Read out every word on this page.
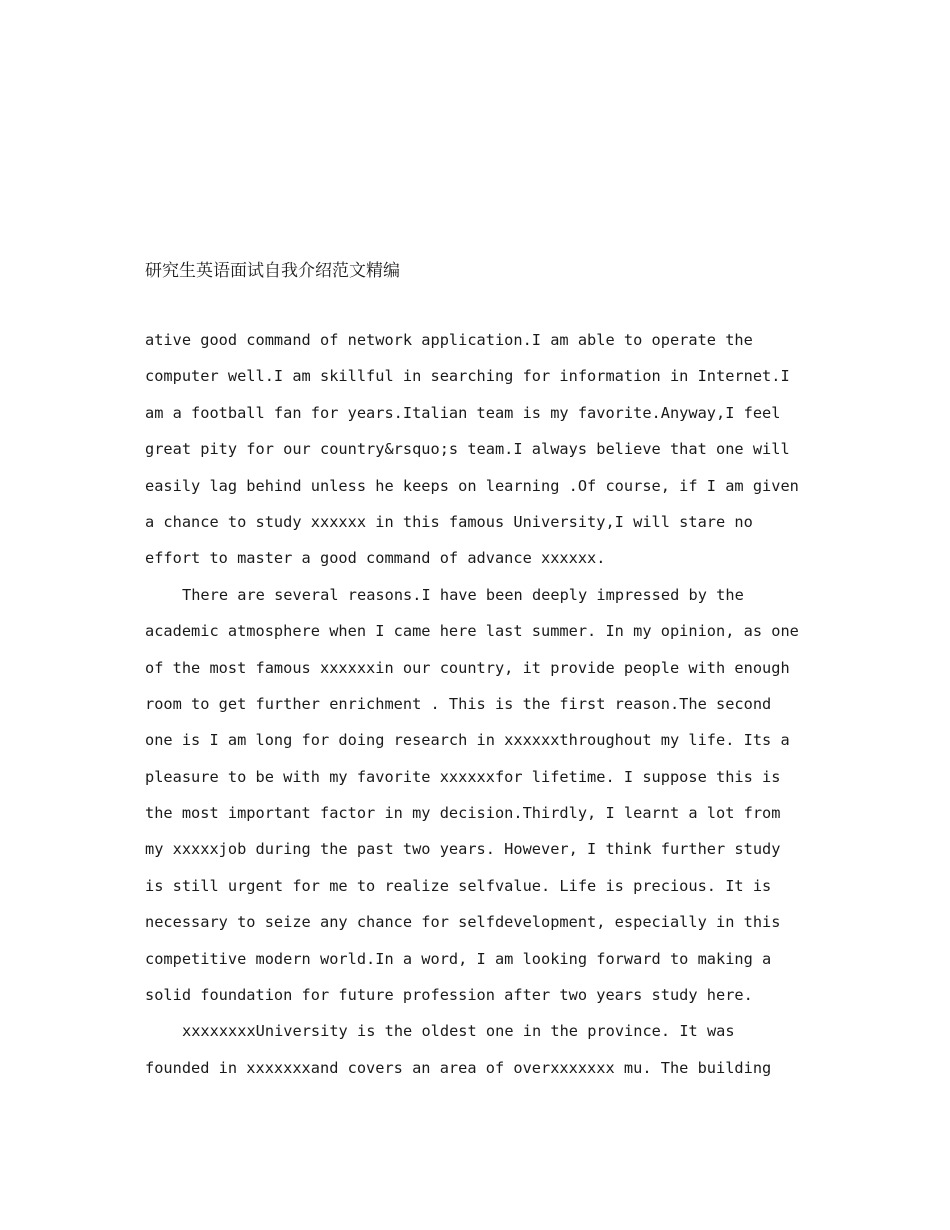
研究生英语面试自我介绍范文精编
ative good command of network application.I am able to operate the
computer well.I am skillful in searching for information in Internet.I
am a football fan for years.Italian team is my favorite.Anyway,I feel
great pity for our country&rsquo;s team.I always believe that one will
easily lag behind unless he keeps on learning .Of course, if I am given
a chance to study xxxxxx in this famous University,I will stare no
effort to master a good command of advance xxxxxx.
There are several reasons.I have been deeply impressed by the
academic atmosphere when I came here last summer. In my opinion, as one
of the most famous xxxxxxin our country, it provide people with enough
room to get further enrichment . This is the first reason.The second
one is I am long for doing research in xxxxxxthroughout my life. Its a
pleasure to be with my favorite xxxxxxfor lifetime. I suppose this is
the most important factor in my decision.Thirdly, I learnt a lot from
my xxxxxjob during the past two years. However, I think further study
is still urgent for me to realize selfvalue. Life is precious. It is
necessary to seize any chance for selfdevelopment, especially in this
competitive modern world.In a word, I am looking forward to making a
solid foundation for future profession after two years study here.
xxxxxxxxUniversity is the oldest one in the province. It was
founded in xxxxxxxand covers an area of overxxxxxxx mu. The building
